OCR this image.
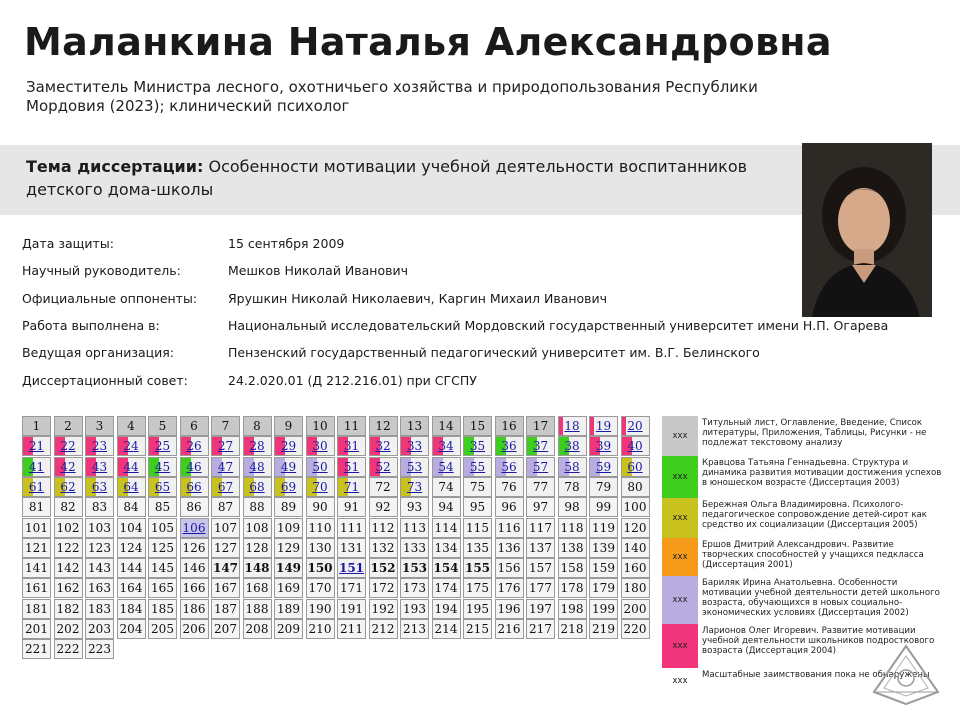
Маланкина Наталья Александровна
Заместитель Министра лесного, охотничьего хозяйства и природопользования Республики Мордовия (2023); клинический психолог
Тема диссертации: Особенности мотивации учебной деятельности воспитанников детского дома-школы
Дата защиты:	15 сентября 2009
Научный руководитель:	Мешков Николай Иванович
Официальные оппоненты:	Ярушкин Николай Николаевич, Каргин Михаил Иванович
Работа выполнена в:	Национальный исследовательский Мордовский государственный университет имени Н.П. Огарева
Ведущая организация:	Пензенский государственный педагогический университет им. В.Г. Белинского
Диссертационный совет:	24.2.020.01 (Д 212.216.01) при СГСПУ
1	2	3	4	5	6	7	8	9	10	11	12	13	14	15	16	17	18	19	20
21	22	23	24	25	26	27	28	29	30	31	32	33	34	35	36	37	38	39	40
41	42	43	44	45	46	47	48	49	50	51	52	53	54	55	56	57	58	59	60
61	62	63	64	65	66	67	68	69	70	71	72	73	74	75	76	77	78	79	80
81	82	83	84	85	86	87	88	89	90	91	92	93	94	95	96	97	98	99	100
101 102 103 104 105 106 107 108 109 110 111 112 113 114 115 116 117 118 119 120
121 122 123 124 125 126 127 128 129 130 131 132 133 134 135 136 137 138 139 140
141 142 143 144 145 146 147 148 149 150 151 152 153 154 155 156 157 158 159 160
161 162 163 164 165 166 167 168 169 170 171 172 173 174 175 176 177 178 179 180
181 182 183 184 185 186 187 188 189 190 191 192 193 194 195 196 197 198 199 200
201 202 203 204 205 206 207 208 209 210 211 212 213 214 215 216 217 218 219 220
221 222 223
xxx
Титульный лист, Оглавление, Введение, Список литературы, Приложения, Таблицы, Рисунки - не подлежат текстовому анализу
xxx
Кравцова Татьяна Геннадьевна. Структура и динамика развития мотивации достижения успехов в юношеском возрасте (Диссертация 2003)
xxx
Бережная Ольга Владимировна. Психолого-педагогическое сопровождение детей-сирот как средство их социализации (Диссертация 2005)
xxx
Ершов Дмитрий Александрович. Развитие творческих способностей у учащихся педкласса (Диссертация 2001)
xxx
Бариляк Ирина Анатольевна. Особенности мотивации учебной деятельности детей школьного возраста, обучающихся в новых социально-экономических условиях (Диссертация 2002)
xxx
Ларионов Олег Игоревич. Развитие мотивации учебной деятельности школьников подросткового возраста (Диссертация 2004)
xxx
Масштабные заимствования пока не обнаружены
